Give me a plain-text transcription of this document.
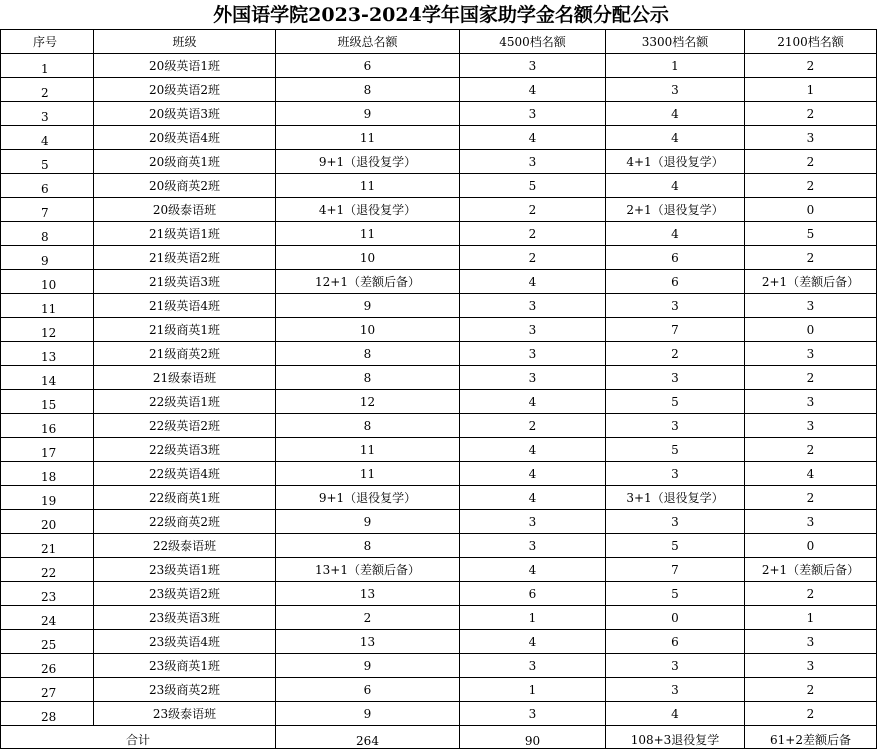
外国语学院2023-2024学年国家助学金名额分配公示
序号	班级	班级总名额	4500档名额	3300档名额	2100档名额
1	20级英语1班	6	3	1	2
2	20级英语2班	8	4	3	1
3	20级英语3班	9	3	4	2
4	20级英语4班	11	4	4	3
5	20级商英1班	9+1（退役复学）	3	4+1（退役复学）	2
6	20级商英2班	11	5	4	2
7	20级泰语班	4+1（退役复学）	2	2+1（退役复学）	0
8	21级英语1班	11	2	4	5
9	21级英语2班	10	2	6	2
10	21级英语3班	12+1（差额后备）	4	6	2+1（差额后备）
11	21级英语4班	9	3	3	3
12	21级商英1班	10	3	7	0
13	21级商英2班	8	3	2	3
14	21级泰语班	8	3	3	2
15	22级英语1班	12	4	5	3
16	22级英语2班	8	2	3	3
17	22级英语3班	11	4	5	2
18	22级英语4班	11	4	3	4
19	22级商英1班	9+1（退役复学）	4	3+1（退役复学）	2
20	22级商英2班	9	3	3	3
21	22级泰语班	8	3	5	0
22	23级英语1班	13+1（差额后备）	4	7	2+1（差额后备）
23	23级英语2班	13	6	5	2
24	23级英语3班	2	1	0	1
25	23级英语4班	13	4	6	3
26	23级商英1班	9	3	3	3
27	23级商英2班	6	1	3	2
28	23级泰语班	9	3	4	2
合计		264	90	108+3退役复学	61+2差额后备
